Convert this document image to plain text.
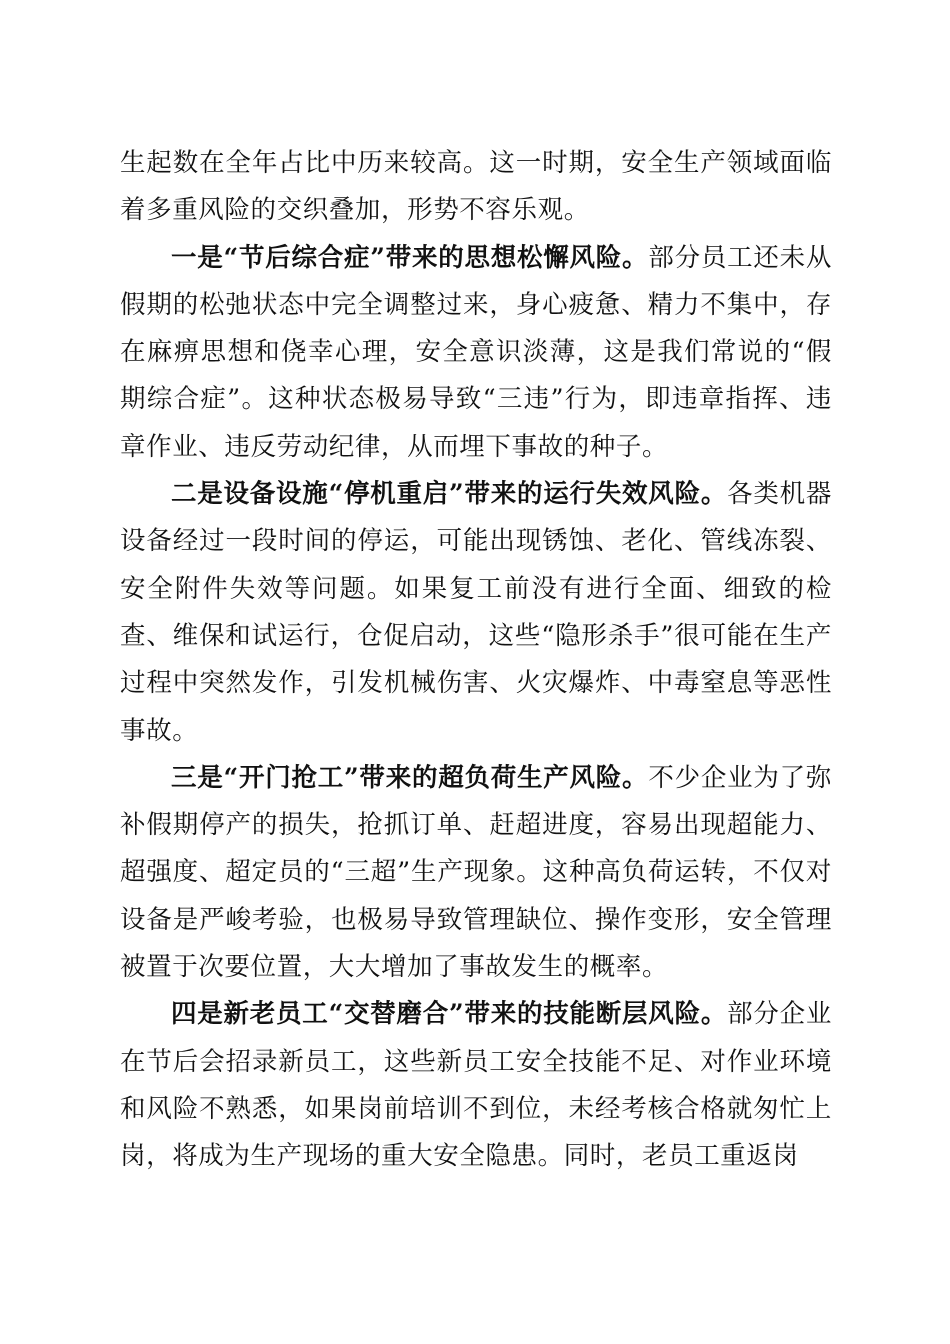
生起数在全年占比中历来较高。这一时期，安全生产领域面临着多重风险的交织叠加，形势不容乐观。

一是“节后综合症”带来的思想松懈风险。部分员工还未从假期的松弛状态中完全调整过来，身心疲惫、精力不集中，存在麻痹思想和侥幸心理，安全意识淡薄，这是我们常说的“假期综合症”。这种状态极易导致“三违”行为，即违章指挥、违章作业、违反劳动纪律，从而埋下事故的种子。

二是设备设施“停机重启”带来的运行失效风险。各类机器设备经过一段时间的停运，可能出现锈蚀、老化、管线冻裂、安全附件失效等问题。如果复工前没有进行全面、细致的检查、维保和试运行，仓促启动，这些“隐形杀手”很可能在生产过程中突然发作，引发机械伤害、火灾爆炸、中毒窒息等恶性事故。

三是“开门抢工”带来的超负荷生产风险。不少企业为了弥补假期停产的损失，抢抓订单、赶超进度，容易出现超能力、超强度、超定员的“三超”生产现象。这种高负荷运转，不仅对设备是严峻考验，也极易导致管理缺位、操作变形，安全管理被置于次要位置，大大增加了事故发生的概率。

四是新老员工“交替磨合”带来的技能断层风险。部分企业在节后会招录新员工，这些新员工安全技能不足、对作业环境和风险不熟悉，如果岗前培训不到位，未经考核合格就匆忙上岗，将成为生产现场的重大安全隐患。同时，老员工重返岗
